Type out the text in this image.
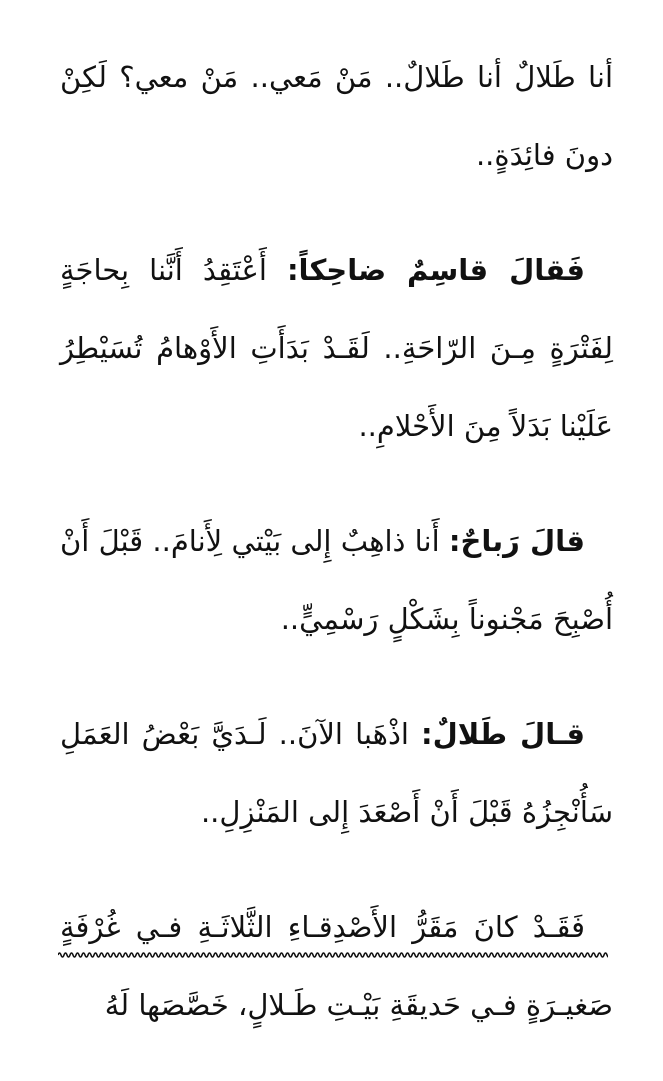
أنا طَلالٌ أنا طَلالٌ.. مَنْ مَعي.. مَنْ معي؟ لَكِنْ دونَ فائِدَةٍ..

فَقالَ قاسِمٌ ضاحِكاً: أَعْتَقِدُ أَنَّنا بِحاجَةٍ لِفَتْرَةٍ مِـنَ الرّاحَةِ.. لَقَـدْ بَدَأَتِ الأَوْهامُ تُسَيْطِرُ عَلَيْنا بَدَلاً مِنَ الأَحْلامِ..

قالَ رَباحٌ: أَنا ذاهِبٌ إِلى بَيْتي لِأَنامَ.. قَبْلَ أَنْ أُصْبِحَ مَجْنوناً بِشَكْلٍ رَسْمِيٍّ..

قـالَ طَلالٌ: اذْهَبا الآنَ.. لَـدَيَّ بَعْضُ العَمَلِ سَأُنْجِزُهُ قَبْلَ أَنْ أَصْعَدَ إِلى المَنْزِلِ..

فَقَـدْ كانَ مَقَرُّ الأَصْدِقـاءِ الثَّلاثَـةِ فـي غُرْفَةٍ صَغيـرَةٍ فـي حَديقَةِ بَيْـتِ طَـلالٍ، خَصَّصَها لَهُ
